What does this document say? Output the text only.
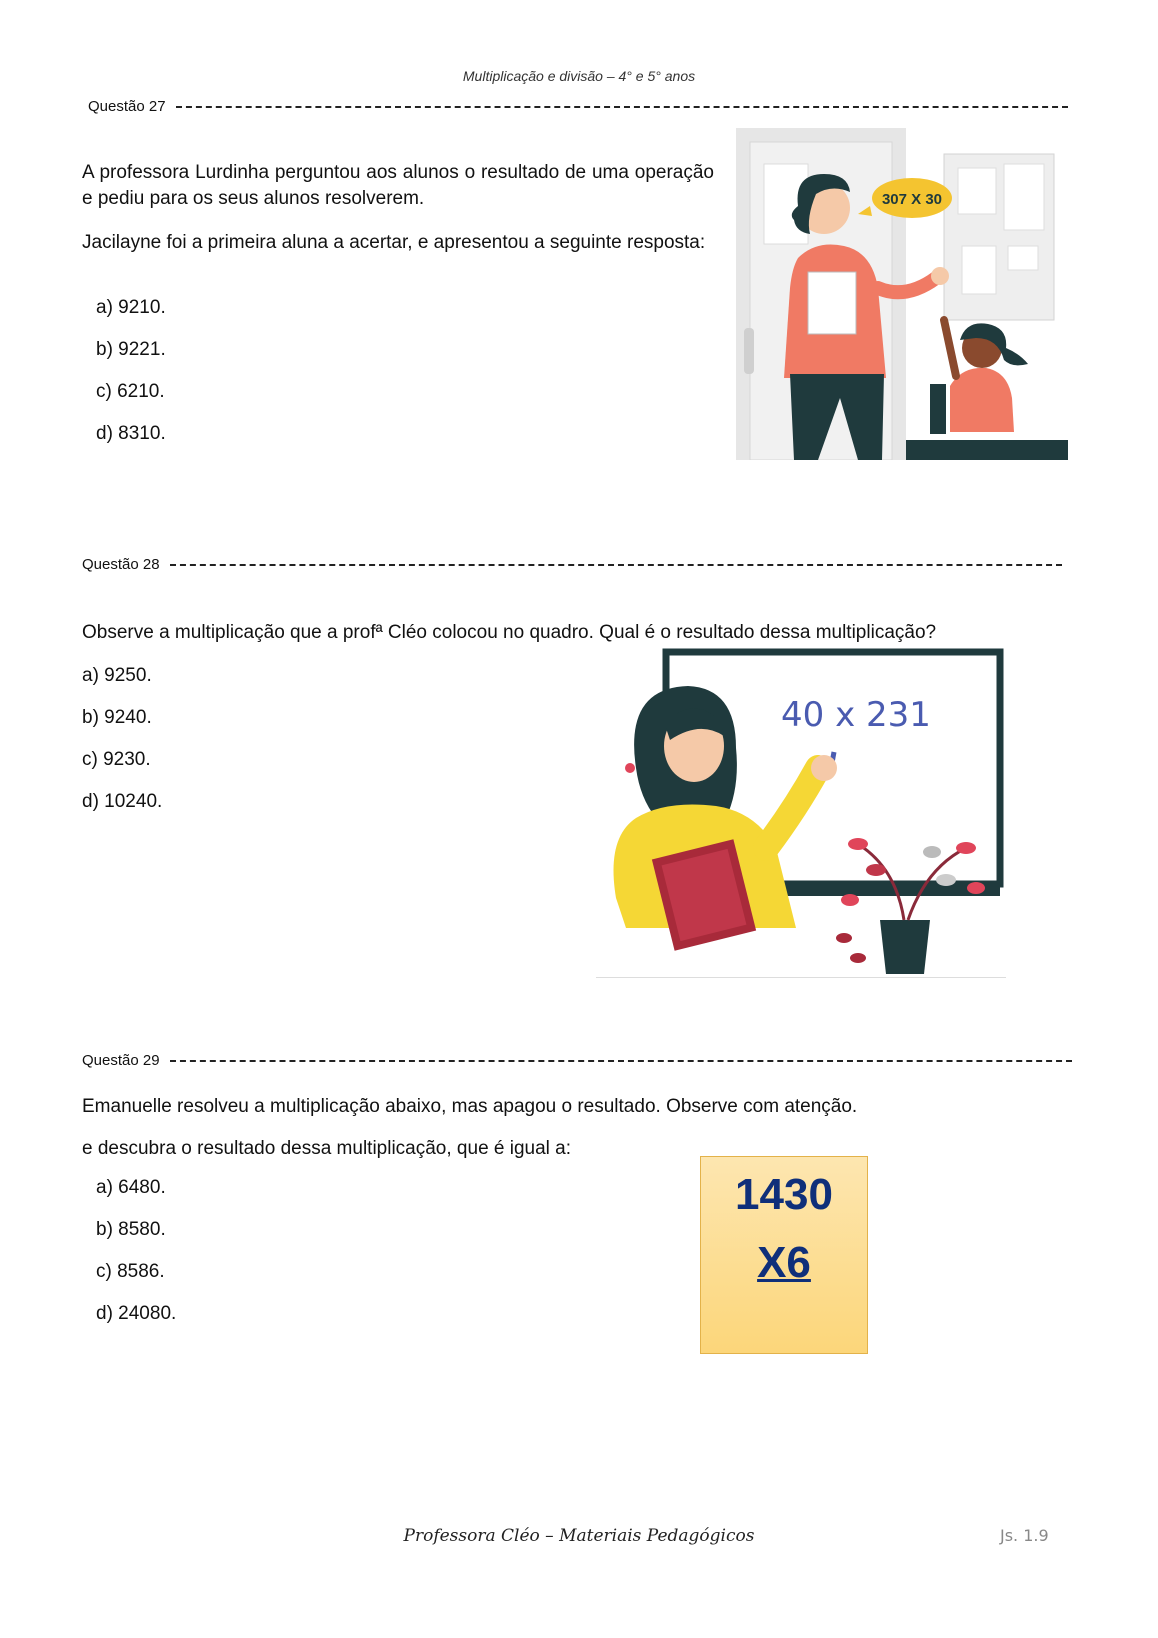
Multiplicação e divisão – 4° e 5° anos
Questão 27
A professora Lurdinha perguntou aos alunos o resultado de uma operação e pediu para os seus alunos resolverem.
Jacilayne foi a primeira aluna a acertar, e apresentou a seguinte resposta:
a) 9210.
b) 9221.
c) 6210.
d) 8310.
307 X 30
Questão 28
Observe a multiplicação que a profª Cléo colocou no quadro. Qual é o resultado dessa multiplicação?
a) 9250.
b) 9240.
c) 9230.
d) 10240.
40 x 231
Questão 29
Emanuelle resolveu a multiplicação abaixo, mas apagou o resultado. Observe com atenção.
e descubra o resultado dessa multiplicação, que é igual a:
a) 6480.
b) 8580.
c) 8586.
d) 24080.
1430
X6
Professora Cléo – Materiais Pedagógicos	Js. 1.9
